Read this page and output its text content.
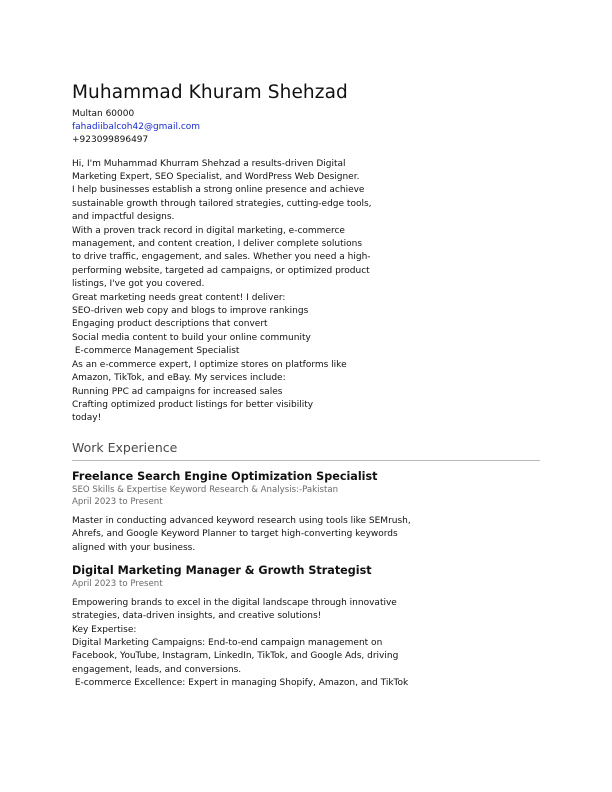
Muhammad Khuram Shehzad
Multan 60000
fahadiibalcoh42@gmail.com
+923099896497
Hi, I'm Muhammad Khurram Shehzad a results-driven Digital
Marketing Expert, SEO Specialist, and WordPress Web Designer.
I help businesses establish a strong online presence and achieve
sustainable growth through tailored strategies, cutting-edge tools,
and impactful designs.
With a proven track record in digital marketing, e-commerce
management, and content creation, I deliver complete solutions
to drive traffic, engagement, and sales. Whether you need a high-
performing website, targeted ad campaigns, or optimized product
listings, I've got you covered.
Great marketing needs great content! I deliver:
SEO-driven web copy and blogs to improve rankings
Engaging product descriptions that convert
Social media content to build your online community
E-commerce Management Specialist
As an e-commerce expert, I optimize stores on platforms like
Amazon, TikTok, and eBay. My services include:
Running PPC ad campaigns for increased sales
Crafting optimized product listings for better visibility
today!
Work Experience
Freelance Search Engine Optimization Specialist
SEO Skills & Expertise Keyword Research & Analysis:-Pakistan
April 2023 to Present
Master in conducting advanced keyword research using tools like SEMrush,
Ahrefs, and Google Keyword Planner to target high-converting keywords
aligned with your business.
Digital Marketing Manager & Growth Strategist
April 2023 to Present
Empowering brands to excel in the digital landscape through innovative
strategies, data-driven insights, and creative solutions!
Key Expertise:
Digital Marketing Campaigns: End-to-end campaign management on
Facebook, YouTube, Instagram, LinkedIn, TikTok, and Google Ads, driving
engagement, leads, and conversions.
E-commerce Excellence: Expert in managing Shopify, Amazon, and TikTok
